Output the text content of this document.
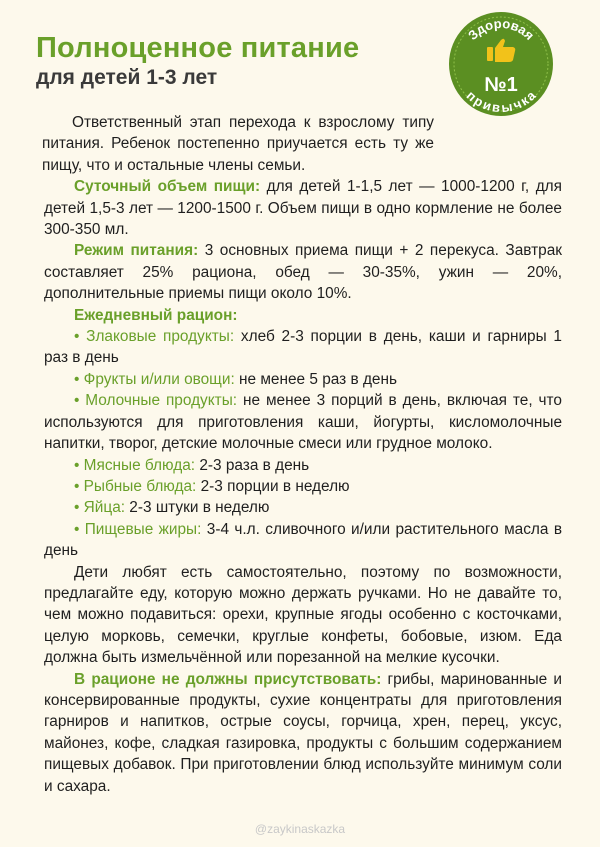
Полноценное питание
для детей 1-3 лет
Здоровая
привычка
№1

Ответственный этап перехода к взрослому типу питания. Ребенок постепенно приучается есть ту же пищу, что и остальные члены семьи.

Суточный объем пищи: для детей 1-1,5 лет — 1000-1200 г, для детей 1,5-3 лет — 1200-1500 г. Объем пищи в одно кормление не более 300-350 мл.

Режим питания: 3 основных приема пищи + 2 перекуса. Завтрак составляет 25% рациона, обед — 30-35%, ужин — 20%, дополнительные приемы пищи около 10%.

Ежедневный рацион:

• Злаковые продукты: хлеб 2-3 порции в день, каши и гарниры 1 раз в день

• Фрукты и/или овощи: не менее 5 раз в день

• Молочные продукты: не менее 3 порций в день, включая те, что используются для приготовления каши, йогурты, кисломолочные напитки, творог, детские молочные смеси или грудное молоко.

• Мясные блюда: 2-3 раза в день

• Рыбные блюда: 2-3 порции в неделю

• Яйца: 2-3 штуки в неделю

• Пищевые жиры: 3-4 ч.л. сливочного и/или растительного масла в день

Дети любят есть самостоятельно, поэтому по возможности, предлагайте еду, которую можно держать ручками. Но не давайте то, чем можно подавиться: орехи, крупные ягоды особенно с косточками, целую морковь, семечки, круглые конфеты, бобовые, изюм. Еда должна быть измельчённой или порезанной на мелкие кусочки.

В рационе не должны присутствовать: грибы, маринованные и консервированные продукты, сухие концентраты для приготовления гарниров и напитков, острые соусы, горчица, хрен, перец, уксус, майонез, кофе, сладкая газировка, продукты с большим содержанием пищевых добавок. При приготовлении блюд используйте минимум соли и сахара.

@zaykinaskazka
